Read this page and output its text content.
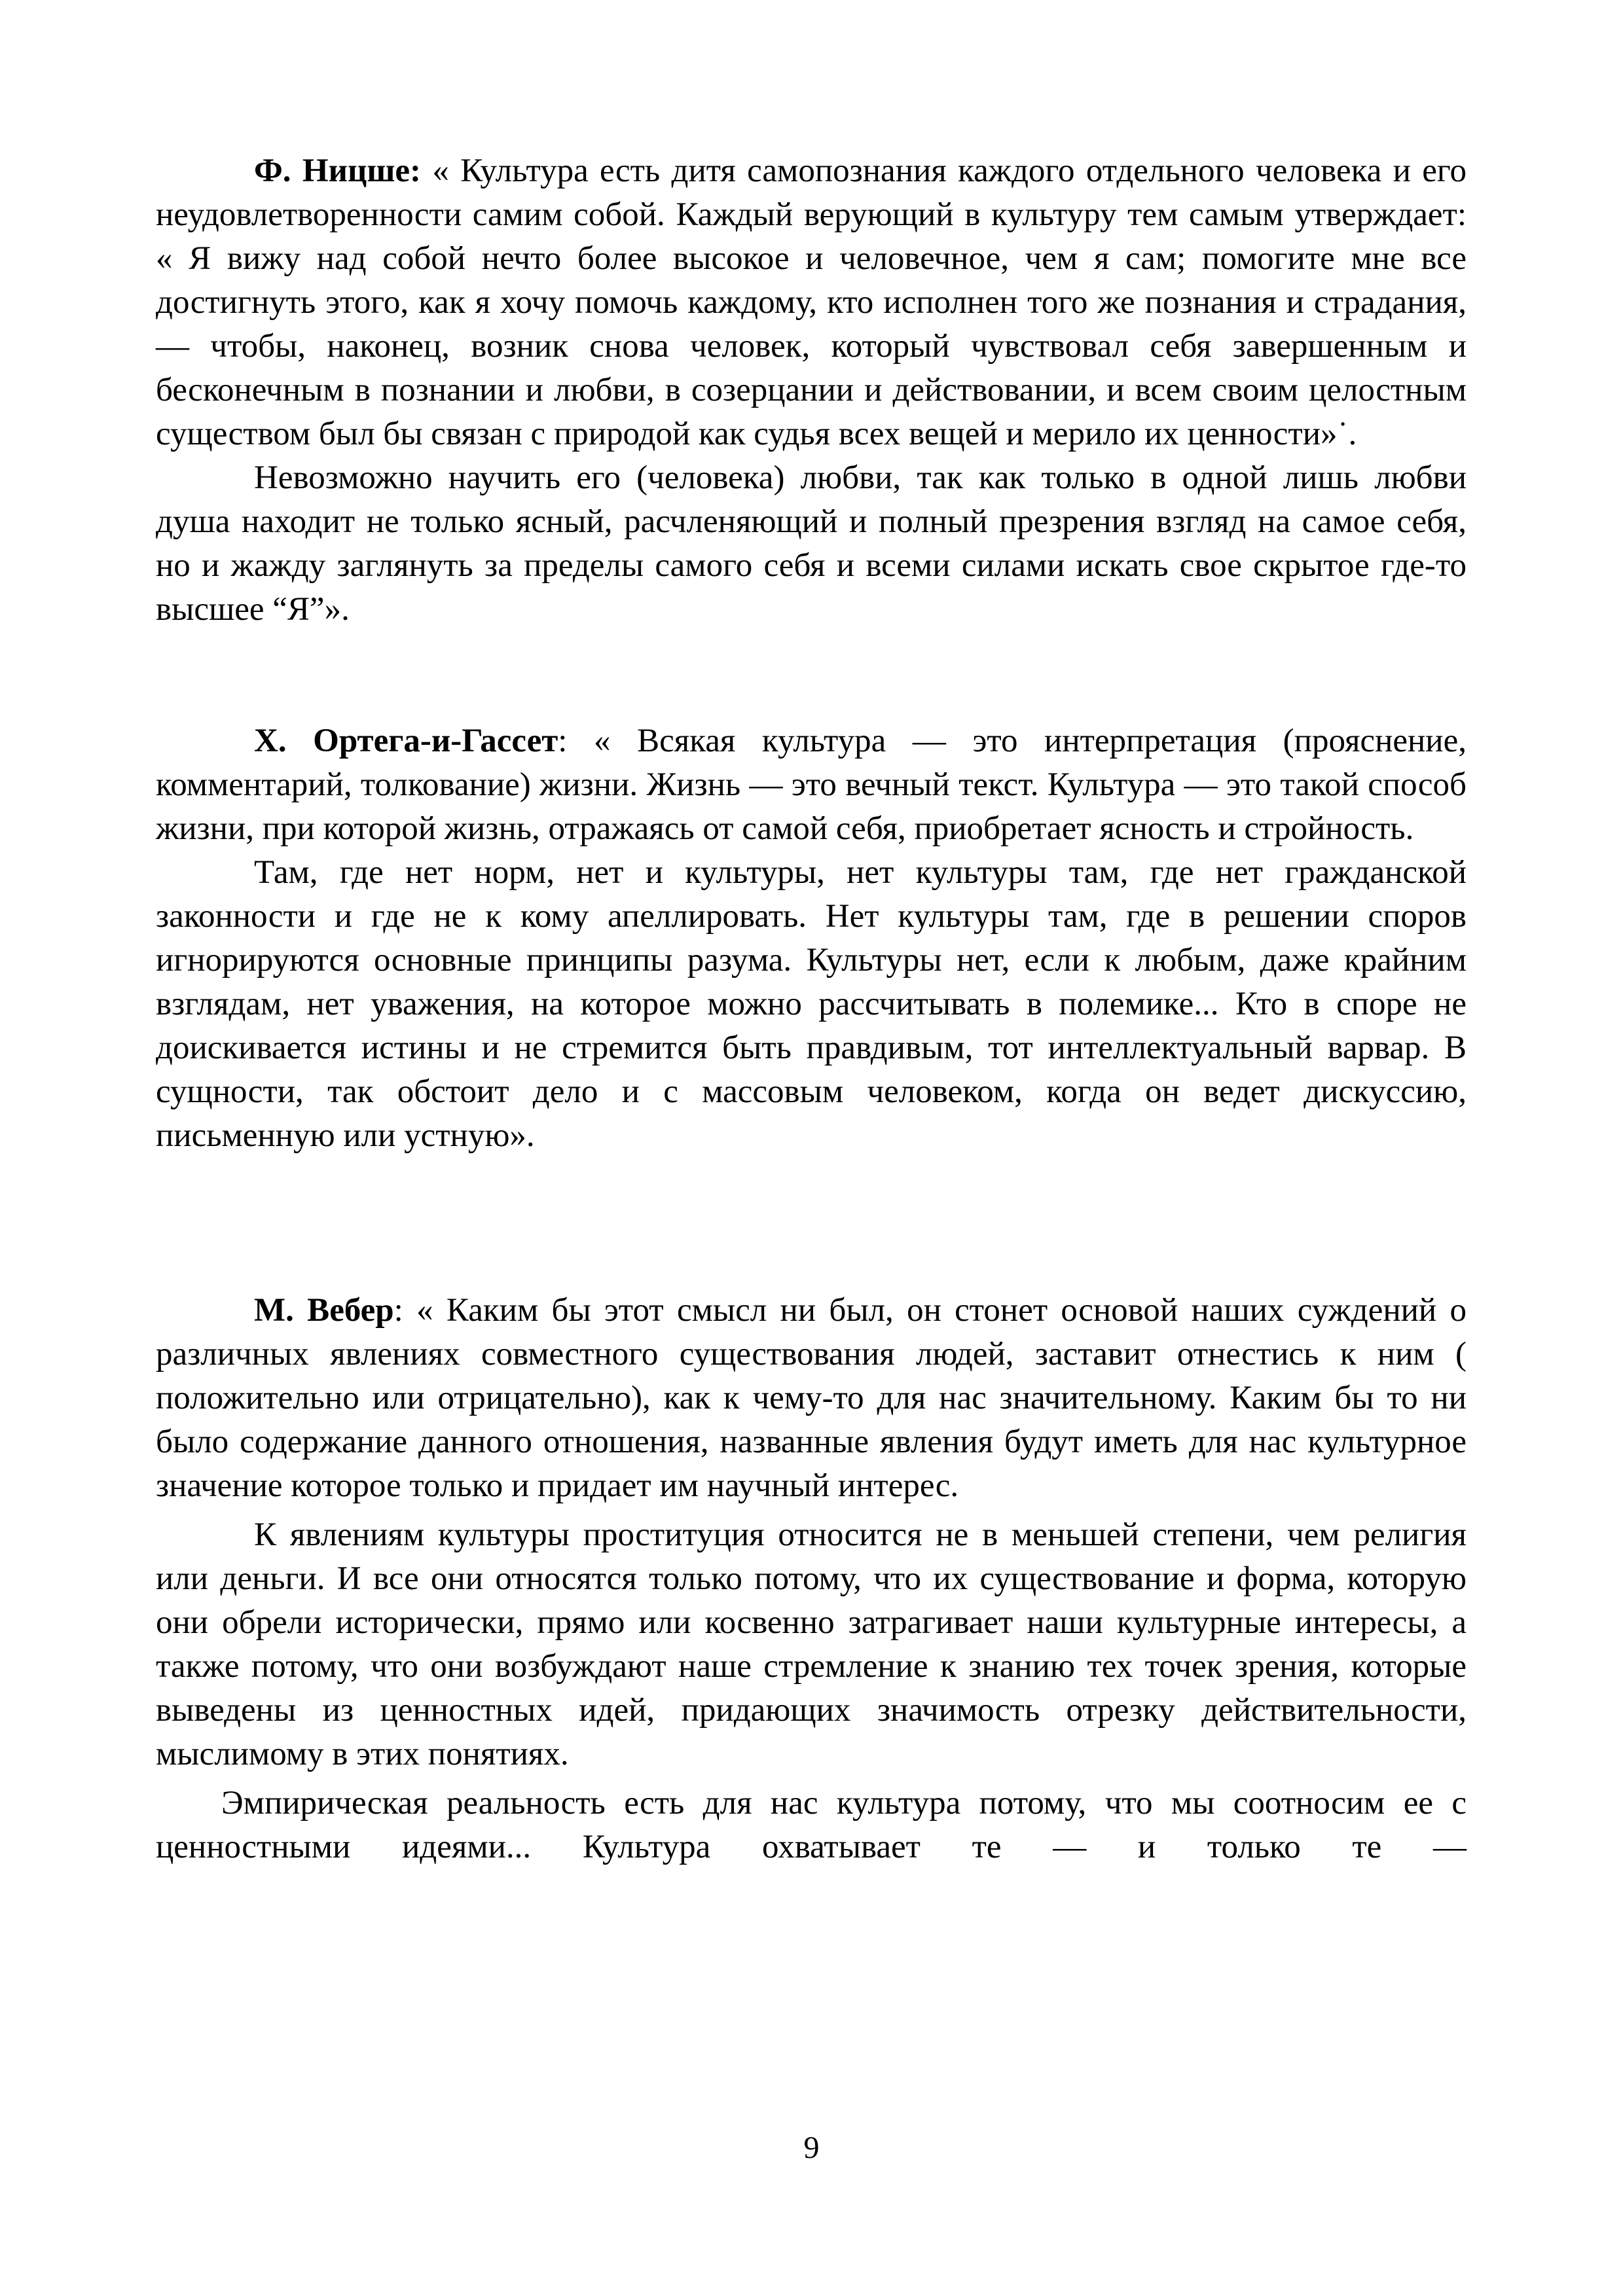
Ф. Ницше: « Культура есть дитя самопознания каждого отдельного человека и его неудовлетворенности самим собой. Каждый верующий в культуру тем самым утверждает: « Я вижу над собой нечто более высокое и человечное, чем я сам; помогите мне все достигнуть этого, как я хочу помочь каждому, кто исполнен того же познания и страдания, — чтобы, наконец, возник снова человек, который чувствовал себя завершенным и бесконечным в познании и любви, в созерцании и действовании, и всем своим целостным существом был бы связан с природой как судья всех вещей и мерило их ценности»˙.

Невозможно научить его (человека) любви, так как только в одной лишь любви душа находит не только ясный, расчленяющий и полный презрения взгляд на самое себя, но и жажду заглянуть за пределы самого себя и всеми силами искать свое скрытое где-то высшее “Я”».

Х. Ортега-и-Гассет: « Всякая культура — это интерпретация (прояснение, комментарий, толкование) жизни. Жизнь — это вечный текст. Культура — это такой способ жизни, при которой жизнь, отражаясь от самой себя, приобретает ясность и стройность.

Там, где нет норм, нет и культуры, нет культуры там, где нет гражданской законности и где не к кому апеллировать. Нет культуры там, где в решении споров игнорируются основные принципы разума. Культуры нет, если к любым, даже крайним взглядам, нет уважения, на которое можно рассчитывать в полемике... Кто в споре не доискивается истины и не стремится быть правдивым, тот интеллектуальный варвар. В сущности, так обстоит дело и с массовым человеком, когда он ведет дискуссию, письменную или устную».

М. Вебер: « Каким бы этот смысл ни был, он стонет основой наших суждений о различных явлениях совместного существования людей, заставит отнестись к ним ( положительно или отрицательно), как к чему-то для нас значительному. Каким бы то ни было содержание данного отношения, названные явления будут иметь для нас культурное значение которое только и придает им научный интерес.

К явлениям культуры проституция относится не в меньшей степени, чем религия или деньги. И все они относятся только потому, что их существование и форма, которую они обрели исторически, прямо или косвенно затрагивает наши культурные интересы, а также потому, что они возбуждают наше стремление к знанию тех точек зрения, которые выведены из ценностных идей, придающих значимость отрезку действительности, мыслимому в этих понятиях.

Эмпирическая реальность есть для нас культура потому, что мы соотносим ее с ценностными идеями... Культура охватывает те — и только те —

9
